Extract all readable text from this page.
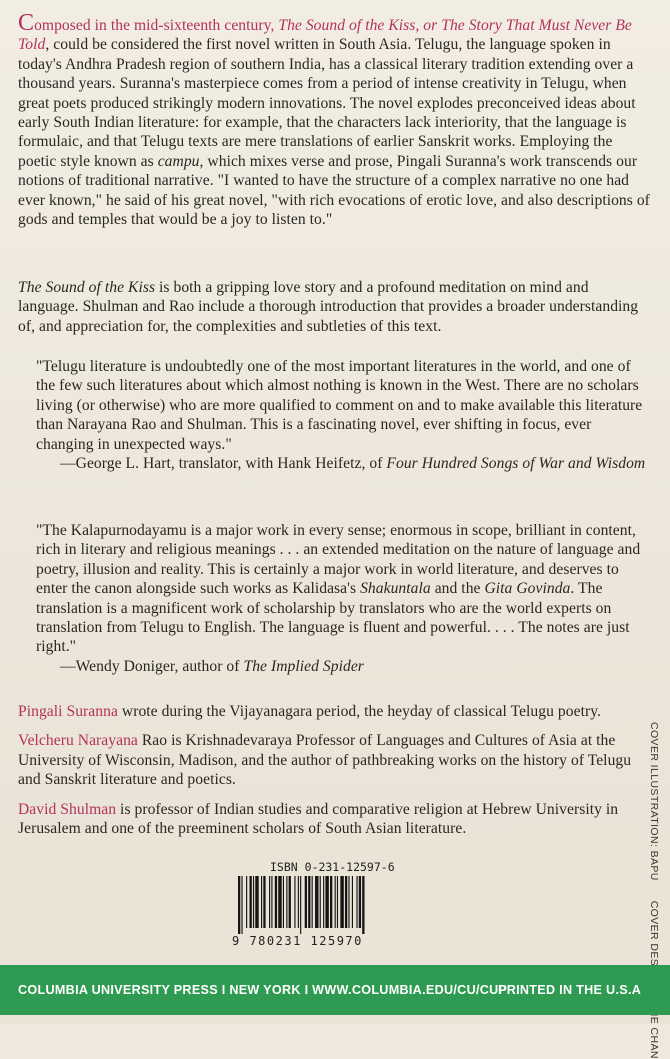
Composed in the mid-sixteenth century, The Sound of the Kiss, or The Story That Must Never Be Told, could be considered the first novel written in South Asia. Telugu, the language spoken in today's Andhra Pradesh region of southern India, has a classical literary tradition extending over a thousand years. Suranna's masterpiece comes from a period of intense creativity in Telugu, when great poets produced strikingly modern innovations. The novel explodes preconceived ideas about early South Indian literature: for example, that the characters lack interiority, that the language is formulaic, and that Telugu texts are mere translations of earlier Sanskrit works. Employing the poetic style known as campu, which mixes verse and prose, Pingali Suranna's work transcends our notions of traditional narrative. "I wanted to have the structure of a complex narrative no one had ever known," he said of his great novel, "with rich evocations of erotic love, and also descriptions of gods and temples that would be a joy to listen to."
The Sound of the Kiss is both a gripping love story and a profound meditation on mind and language. Shulman and Rao include a thorough introduction that provides a broader understanding of, and appreciation for, the complexities and subtleties of this text.
"Telugu literature is undoubtedly one of the most important literatures in the world, and one of the few such literatures about which almost nothing is known in the West. There are no scholars living (or otherwise) who are more qualified to comment on and to make available this literature than Narayana Rao and Shulman. This is a fascinating novel, ever shifting in focus, ever changing in unexpected ways."
—George L. Hart, translator, with Hank Heifetz, of Four Hundred Songs of War and Wisdom
"The Kalapurnodayamu is a major work in every sense; enormous in scope, brilliant in content, rich in literary and religious meanings . . . an extended meditation on the nature of language and poetry, illusion and reality. This is certainly a major work in world literature, and deserves to enter the canon alongside such works as Kalidasa's Shakuntala and the Gita Govinda. The translation is a magnificent work of scholarship by translators who are the world experts on translation from Telugu to English. The language is fluent and powerful. . . . The notes are just right."
—Wendy Doniger, author of The Implied Spider

Pingali Suranna wrote during the Vijayanagara period, the heyday of classical Telugu poetry.

Velcheru Narayana Rao is Krishnadevaraya Professor of Languages and Cultures of Asia at the University of Wisconsin, Madison, and the author of pathbreaking works on the history of Telugu and Sanskrit literature and poetics.

David Shulman is professor of Indian studies and comparative religion at Hebrew University in Jerusalem and one of the preeminent scholars of South Asian literature.	COVER ILLUSTRATION: BAPU
ISBN 0-231-12597-6
9 780231 125970
COLUMBIA UNIVERSITY PRESS I NEW YORK I WWW.COLUMBIA.EDU/CU/CUP
PRINTED IN THE U.S.A
